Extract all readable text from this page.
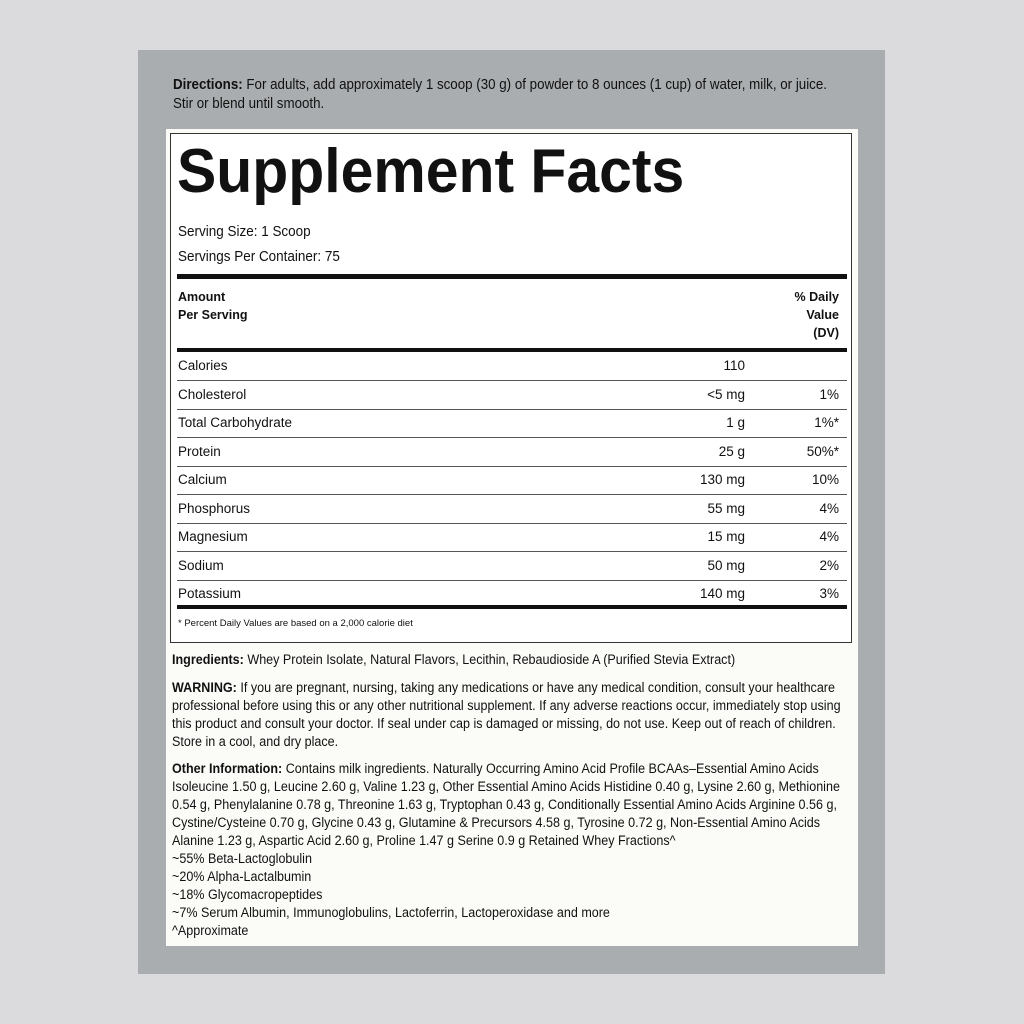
Directions: For adults, add approximately 1 scoop (30 g) of powder to 8 ounces (1 cup) of water, milk, or juice. Stir or blend until smooth.
Supplement Facts
Serving Size: 1 Scoop
Servings Per Container: 75
Amount
Per Serving
% Daily
Value
(DV)
Calories	110
Cholesterol	<5 mg	1%
Total Carbohydrate	1 g	1%*
Protein	25 g	50%*
Calcium	130 mg	10%
Phosphorus	55 mg	4%
Magnesium	15 mg	4%
Sodium	50 mg	2%
Potassium	140 mg	3%
* Percent Daily Values are based on a 2,000 calorie diet
Ingredients: Whey Protein Isolate, Natural Flavors, Lecithin, Rebaudioside A (Purified Stevia Extract)
WARNING: If you are pregnant, nursing, taking any medications or have any medical condition, consult your healthcare professional before using this or any other nutritional supplement. If any adverse reactions occur, immediately stop using this product and consult your doctor. If seal under cap is damaged or missing, do not use. Keep out of reach of children. Store in a cool, and dry place.
Other Information: Contains milk ingredients. Naturally Occurring Amino Acid Profile BCAAs–Essential Amino Acids Isoleucine 1.50 g, Leucine 2.60 g, Valine 1.23 g, Other Essential Amino Acids Histidine 0.40 g, Lysine 2.60 g, Methionine 0.54 g, Phenylalanine 0.78 g, Threonine 1.63 g, Tryptophan 0.43 g, Conditionally Essential Amino Acids Arginine 0.56 g, Cystine/Cysteine 0.70 g, Glycine 0.43 g, Glutamine & Precursors 4.58 g, Tyrosine 0.72 g, Non-Essential Amino Acids Alanine 1.23 g, Aspartic Acid 2.60 g, Proline 1.47 g Serine 0.9 g Retained Whey Fractions^
~55% Beta-Lactoglobulin
~20% Alpha-Lactalbumin
~18% Glycomacropeptides
~7% Serum Albumin, Immunoglobulins, Lactoferrin, Lactoperoxidase and more
^Approximate
